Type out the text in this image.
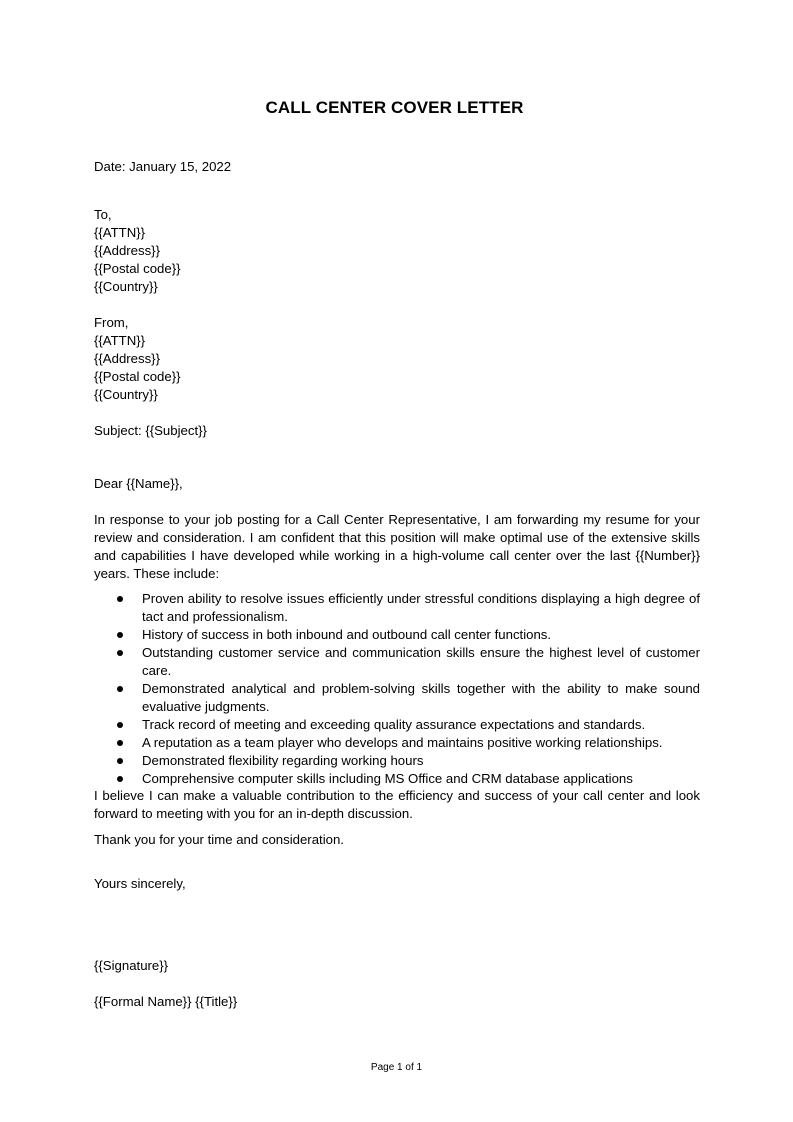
CALL CENTER COVER LETTER
Date: January 15, 2022
To,
{{ATTN}}
{{Address}}
{{Postal code}}
{{Country}}
From,
{{ATTN}}
{{Address}}
{{Postal code}}
{{Country}}
Subject: {{Subject}}
Dear {{Name}},
In response to your job posting for a Call Center Representative, I am forwarding my resume for your review and consideration. I am confident that this position will make optimal use of the extensive skills and capabilities I have developed while working in a high-volume call center over the last {{Number}} years. These include:
Proven ability to resolve issues efficiently under stressful conditions displaying a high degree of tact and professionalism.
History of success in both inbound and outbound call center functions.
Outstanding customer service and communication skills ensure the highest level of customer care.
Demonstrated analytical and problem-solving skills together with the ability to make sound evaluative judgments.
Track record of meeting and exceeding quality assurance expectations and standards.
A reputation as a team player who develops and maintains positive working relationships.
Demonstrated flexibility regarding working hours
Comprehensive computer skills including MS Office and CRM database applications
I believe I can make a valuable contribution to the efficiency and success of your call center and look forward to meeting with you for an in-depth discussion.
Thank you for your time and consideration.
Yours sincerely,
{{Signature}}
{{Formal Name}} {{Title}}
Page 1 of 1
